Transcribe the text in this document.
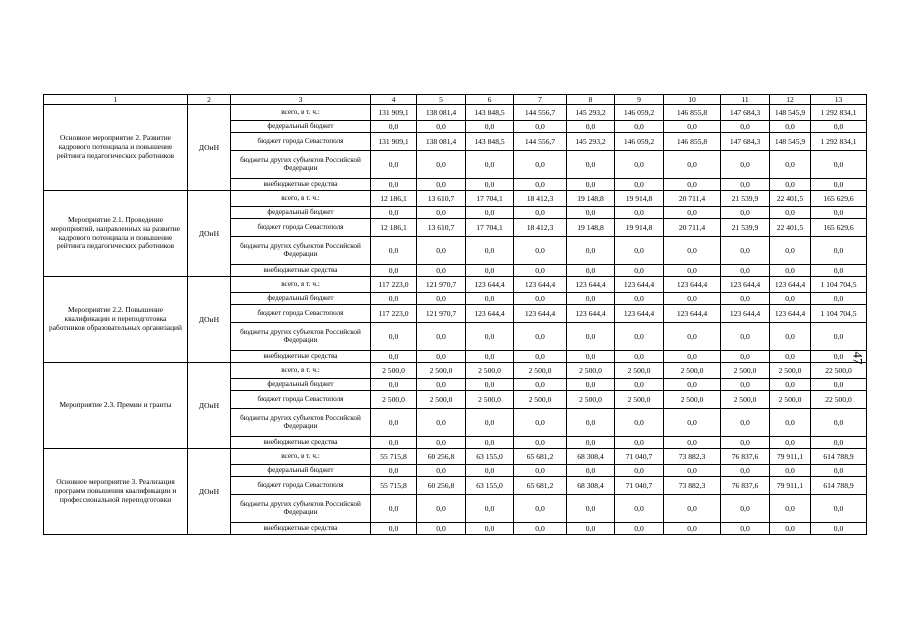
1	2	3	4	5	6	7	8	9	10	11	12	13
Основное мероприятие 2. Развитие кадрового потенциала и повышение рейтинга педагогических работников	ДОиН	всего, в т. ч.:	131 909,1	138 081,4	143 848,5	144 556,7	145 293,2	146 059,2	146 855,8	147 684,3	148 545,9	1 292 834,1
		федеральный бюджет	0,0	0,0	0,0	0,0	0,0	0,0	0,0	0,0	0,0	0,0
		бюджет города Севастополя	131 909,1	138 081,4	143 848,5	144 556,7	145 293,2	146 059,2	146 855,8	147 684,3	148 545,9	1 292 834,1
		бюджеты других субъектов Российской Федерации	0,0	0,0	0,0	0,0	0,0	0,0	0,0	0,0	0,0	0,0
		внебюджетные средства	0,0	0,0	0,0	0,0	0,0	0,0	0,0	0,0	0,0	0,0
Мероприятие 2.1. Проведение мероприятий, направленных на развитие кадрового потенциала и повышение рейтинга педагогических работников	ДОиН	всего, в т. ч.:	12 186,1	13 610,7	17 704,1	18 412,3	19 148,8	19 914,8	20 711,4	21 539,9	22 401,5	165 629,6
		федеральный бюджет	0,0	0,0	0,0	0,0	0,0	0,0	0,0	0,0	0,0	0,0
		бюджет города Севастополя	12 186,1	13 610,7	17 704,1	18 412,3	19 148,8	19 914,8	20 711,4	21 539,9	22 401,5	165 629,6
		бюджеты других субъектов Российской Федерации	0,0	0,0	0,0	0,0	0,0	0,0	0,0	0,0	0,0	0,0
		внебюджетные средства	0,0	0,0	0,0	0,0	0,0	0,0	0,0	0,0	0,0	0,0
Мероприятие 2.2. Повышение квалификации и переподготовка работников образовательных организаций	ДОиН	всего, в т. ч.:	117 223,0	121 970,7	123 644,4	123 644,4	123 644,4	123 644,4	123 644,4	123 644,4	123 644,4	1 104 704,5
		федеральный бюджет	0,0	0,0	0,0	0,0	0,0	0,0	0,0	0,0	0,0	0,0
		бюджет города Севастополя	117 223,0	121 970,7	123 644,4	123 644,4	123 644,4	123 644,4	123 644,4	123 644,4	123 644,4	1 104 704,5
		бюджеты других субъектов Российской Федерации	0,0	0,0	0,0	0,0	0,0	0,0	0,0	0,0	0,0	0,0
		внебюджетные средства	0,0	0,0	0,0	0,0	0,0	0,0	0,0	0,0	0,0	0,0
Мероприятие 2.3. Премии и гранты	ДОиН	всего, в т. ч.:	2 500,0	2 500,0	2 500,0	2 500,0	2 500,0	2 500,0	2 500,0	2 500,0	2 500,0	22 500,0
		федеральный бюджет	0,0	0,0	0,0	0,0	0,0	0,0	0,0	0,0	0,0	0,0
		бюджет города Севастополя	2 500,0	2 500,0	2 500,0	2 500,0	2 500,0	2 500,0	2 500,0	2 500,0	2 500,0	22 500,0
		бюджеты других субъектов Российской Федерации	0,0	0,0	0,0	0,0	0,0	0,0	0,0	0,0	0,0	0,0
		внебюджетные средства	0,0	0,0	0,0	0,0	0,0	0,0	0,0	0,0	0,0	0,0
Основное мероприятие 3. Реализация программ повышения квалификации и профессиональной переподготовки	ДОиН	всего, в т. ч.:	55 715,8	60 256,8	63 155,0	65 681,2	68 308,4	71 040,7	73 882,3	76 837,6	79 911,1	614 788,9
		федеральный бюджет	0,0	0,0	0,0	0,0	0,0	0,0	0,0	0,0	0,0	0,0
		бюджет города Севастополя	55 715,8	60 256,8	63 155,0	65 681,2	68 308,4	71 040,7	73 882,3	76 837,6	79 911,1	614 788,9
		бюджеты других субъектов Российской Федерации	0,0	0,0	0,0	0,0	0,0	0,0	0,0	0,0	0,0	0,0
		внебюджетные средства	0,0	0,0	0,0	0,0	0,0	0,0	0,0	0,0	0,0	0,0
47
